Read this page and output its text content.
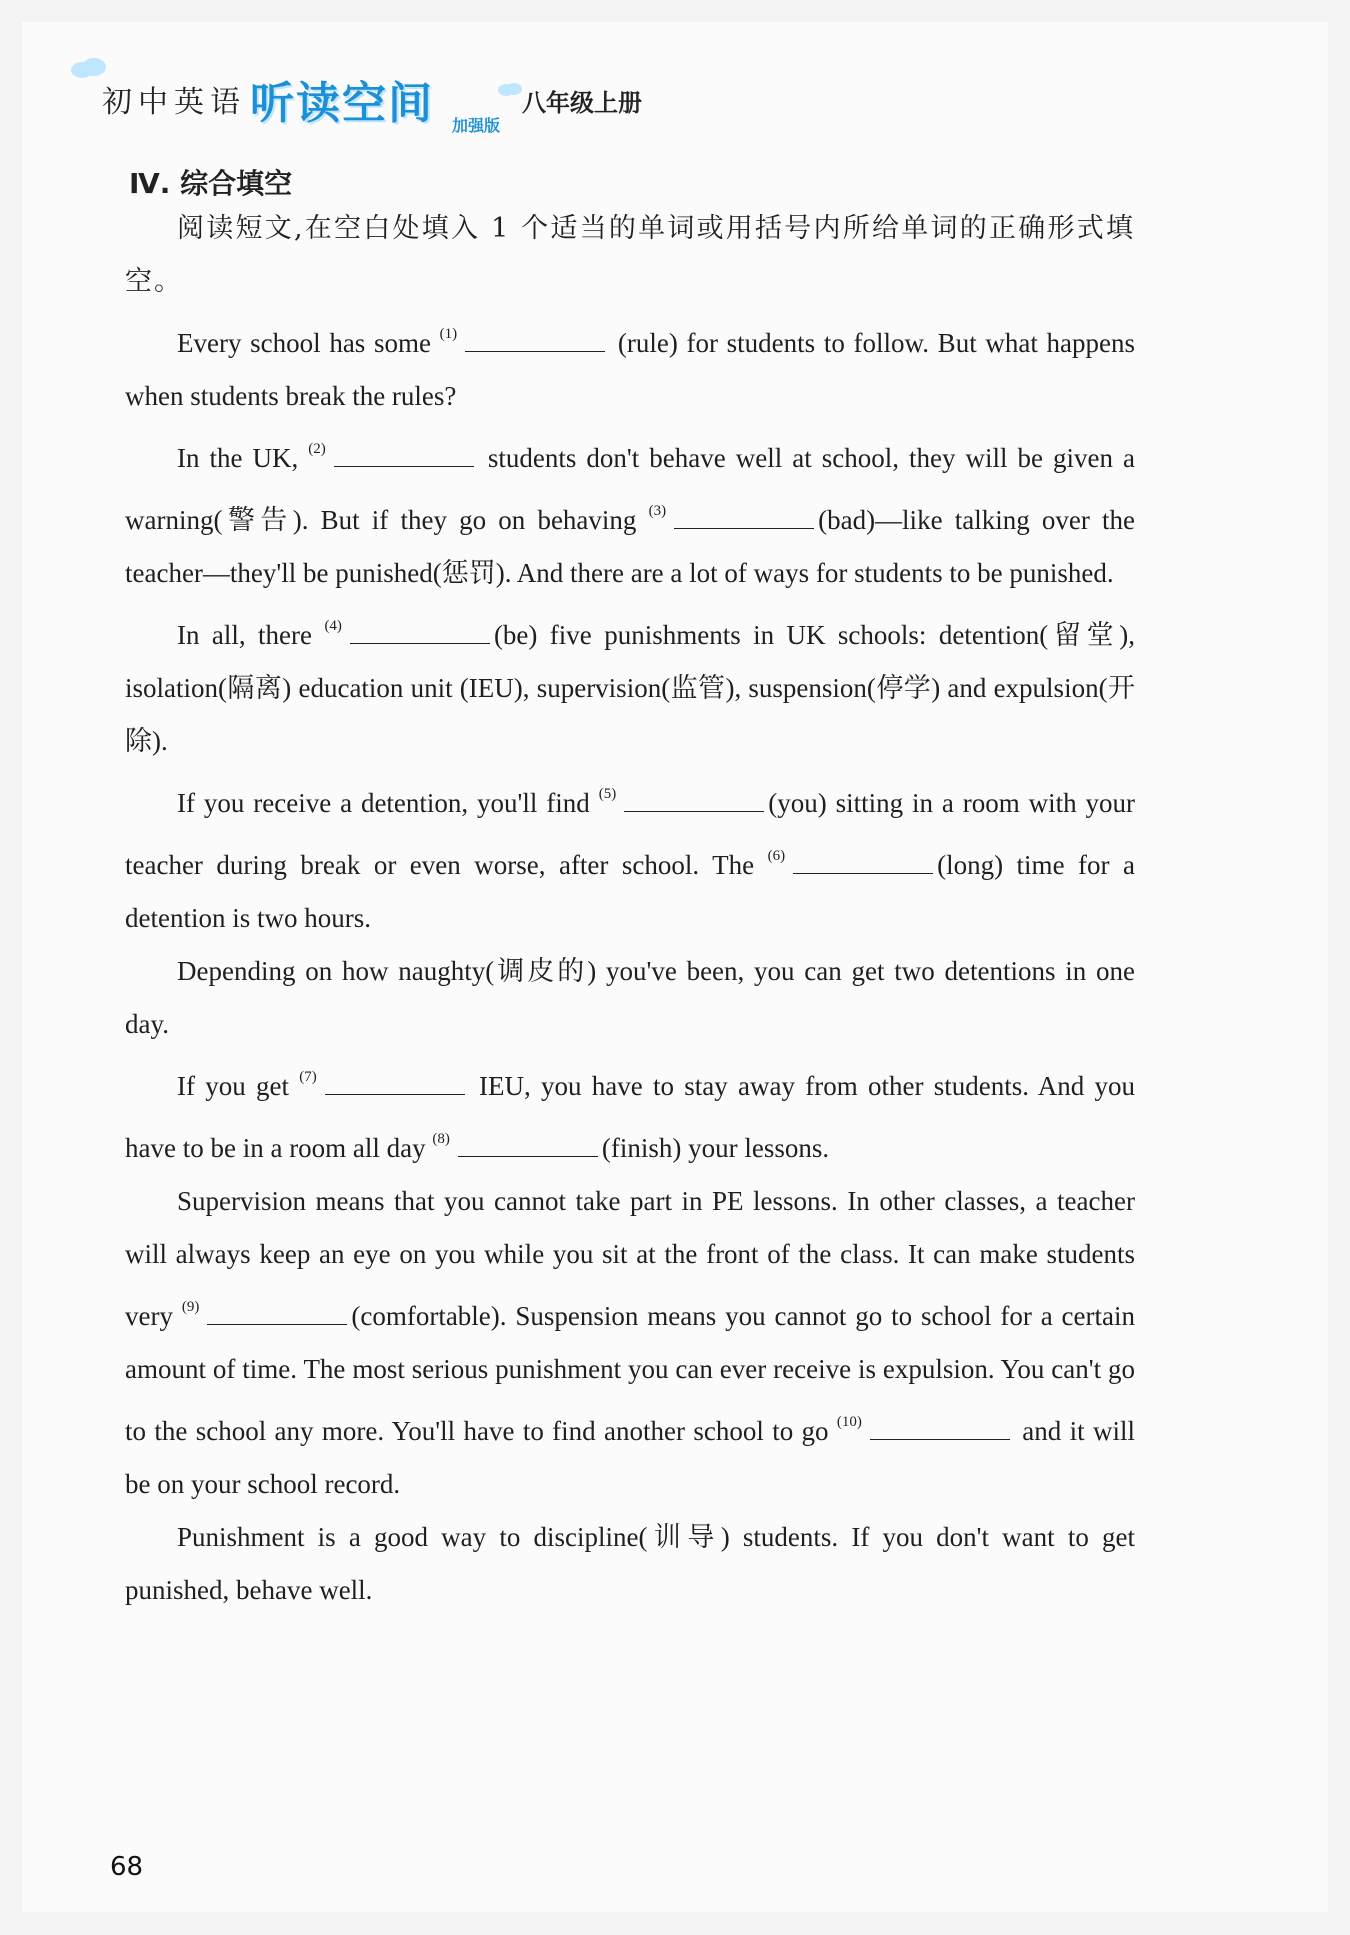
初中英语 听读空间 加强版
八年级上册
Ⅳ. 综合填空

阅读短文,在空白处填入 1 个适当的单词或用括号内所给单词的正确形式填空。

Every school has some $^{(1)}$	(rule) for students to follow. But what happens when students break the rules?

In the UK, $^{(2)}$	students don't behave well at school, they will be given a warning(警告). But if they go on behaving $^{(3)}$	(bad)—like talking over the teacher—they'll be punished(惩罚). And there are a lot of ways for students to be punished.

In all, there $^{(4)}$	(be) five punishments in UK schools: detention(留堂), isolation(隔离) education unit (IEU), supervision(监管), suspension(停学) and expulsion(开除).

If you receive a detention, you'll find $^{(5)}$	(you) sitting in a room with your teacher during break or even worse, after school. The $^{(6)}$	(long) time for a detention is two hours.

Depending on how naughty(调皮的) you've been, you can get two detentions in one day.

If you get $^{(7)}$	IEU, you have to stay away from other students. And you have to be in a room all day $^{(8)}$	(finish) your lessons.

Supervision means that you cannot take part in PE lessons. In other classes, a teacher will always keep an eye on you while you sit at the front of the class. It can make students very $^{(9)}$	(comfortable). Suspension means you cannot go to school for a certain amount of time. The most serious punishment you can ever receive is expulsion. You can't go to the school any more. You'll have to find another school to go $^{(10)}$	and it will be on your school record.

Punishment is a good way to discipline(训导) students. If you don't want to get punished, behave well.

68
